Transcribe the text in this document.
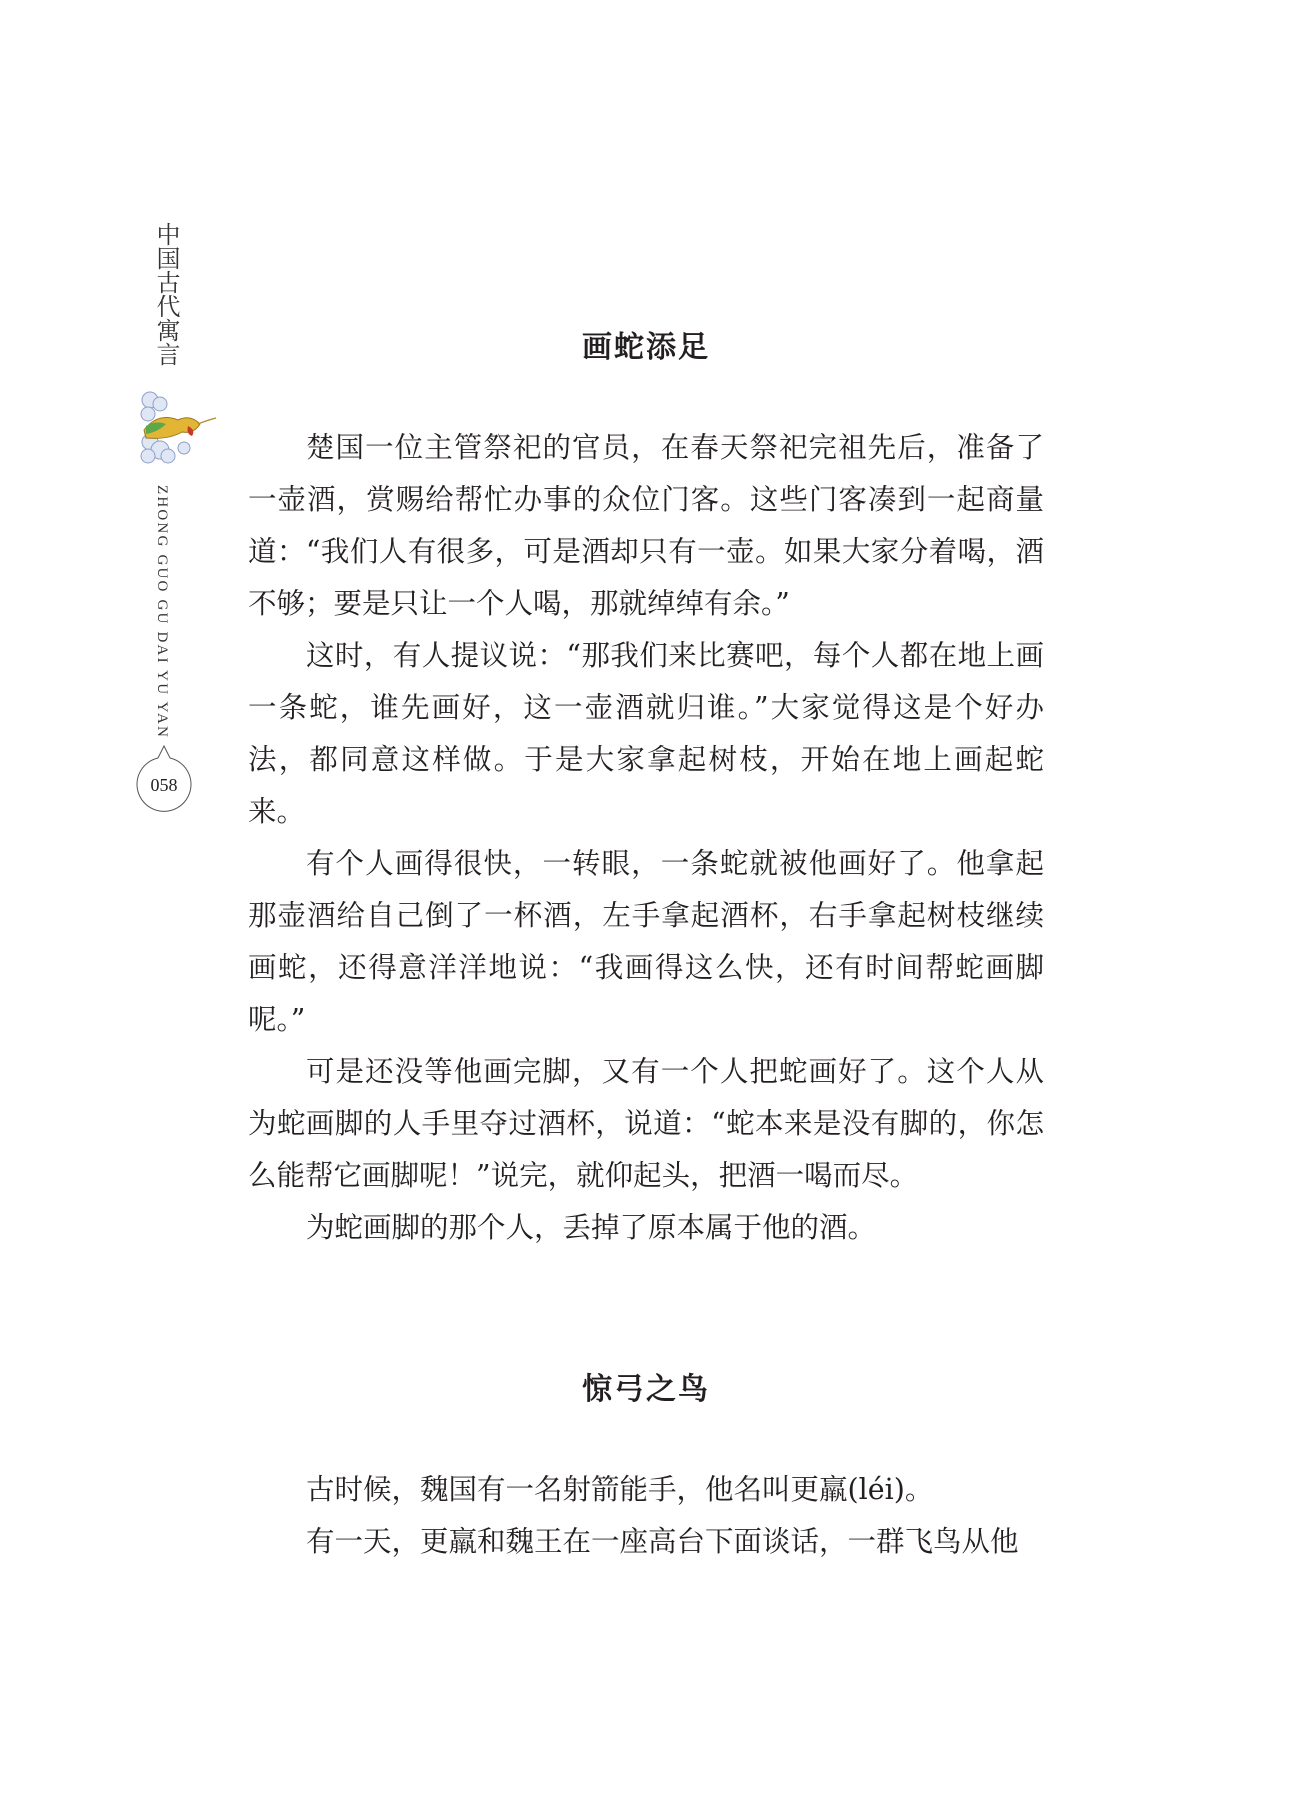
中国古代寓言
ZHONG GUO GU DAI YU YAN
058
画蛇添足

楚国一位主管祭祀的官员，在春天祭祀完祖先后，准备了一壶酒，赏赐给帮忙办事的众位门客。这些门客凑到一起商量道：“我们人有很多，可是酒却只有一壶。如果大家分着喝，酒不够；要是只让一个人喝，那就绰绰有余。”

这时，有人提议说：“那我们来比赛吧，每个人都在地上画一条蛇，谁先画好，这一壶酒就归谁。”大家觉得这是个好办法，都同意这样做。于是大家拿起树枝，开始在地上画起蛇来。

有个人画得很快，一转眼，一条蛇就被他画好了。他拿起那壶酒给自己倒了一杯酒，左手拿起酒杯，右手拿起树枝继续画蛇，还得意洋洋地说：“我画得这么快，还有时间帮蛇画脚呢。”

可是还没等他画完脚，又有一个人把蛇画好了。这个人从为蛇画脚的人手里夺过酒杯，说道：“蛇本来是没有脚的，你怎么能帮它画脚呢！”说完，就仰起头，把酒一喝而尽。

为蛇画脚的那个人，丢掉了原本属于他的酒。

惊弓之鸟

古时候，魏国有一名射箭能手，他名叫更羸(léi)。

有一天，更羸和魏王在一座高台下面谈话，一群飞鸟从他
